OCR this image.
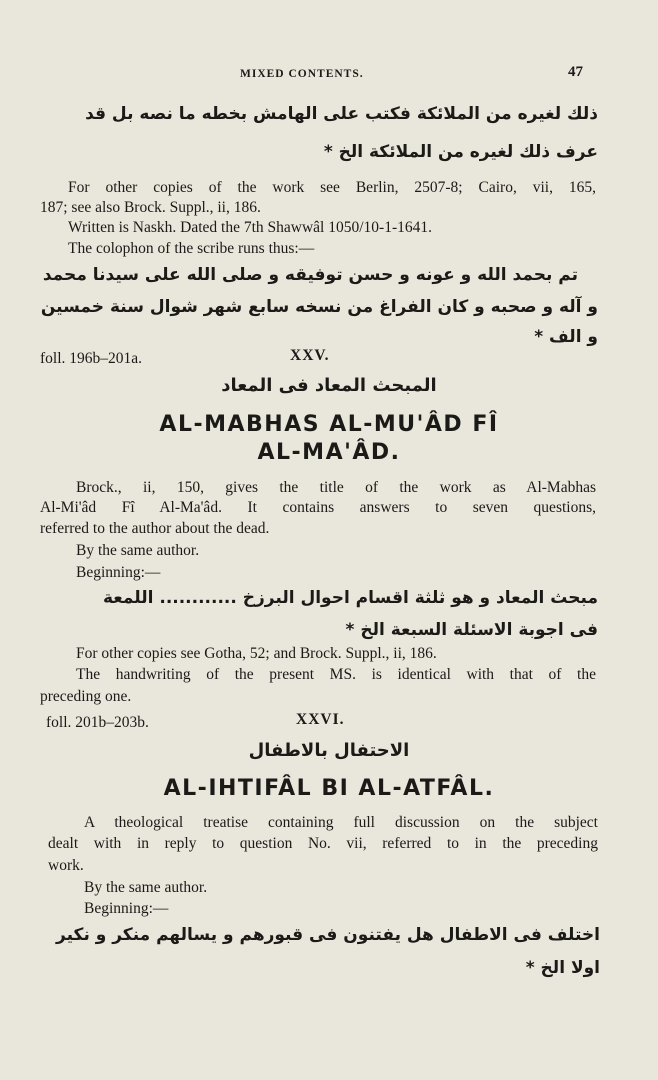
MIXED CONTENTS.	47
ذلك لغيره من الملائكة فكتب على الهامش بخطه ما نصه بل قد
عرف ذلك لغيره من الملائكة الخ *
For other copies of the work see Berlin, 2507-8; Cairo, vii, 165,
187; see also Brock. Suppl., ii, 186.
Written is Naskh. Dated the 7th Shawwâl 1050/10-1-1641.
The colophon of the scribe runs thus:—
تم بحمد الله و عونه و حسن توفيقه و صلى الله على سيدنا محمد
و آله و صحبه و كان الفراغ من نسخه سابع شهر شوال سنة خمسين
و الف *
foll. 196b–201a.	XXV.
المبحث المعاد فى المعاد
AL-MABHAS AL-MU'ÂD FÎ
AL-MA'ÂD.
Brock., ii, 150, gives the title of the work as Al-Mabhas
Al-Mi'âd Fî Al-Ma'âd. It contains answers to seven questions,
referred to the author about the dead.
By the same author.
Beginning:—
مبحث المعاد و هو ثلثة اقسام احوال البرزخ ............ اللمعة
فى اجوبة الاسئلة السبعة الخ *
For other copies see Gotha, 52; and Brock. Suppl., ii, 186.
The handwriting of the present MS. is identical with that of the
preceding one.
foll. 201b–203b.	XXVI.
الاحتفال بالاطفال
AL-IHTIFÂL BI AL-ATFÂL.
A theological treatise containing full discussion on the subject
dealt with in reply to question No. vii, referred to in the preceding
work.
By the same author.
Beginning:—
اختلف فى الاطفال هل يفتنون فى قبورهم و يسالهم منكر و نكير
اولا الخ *
